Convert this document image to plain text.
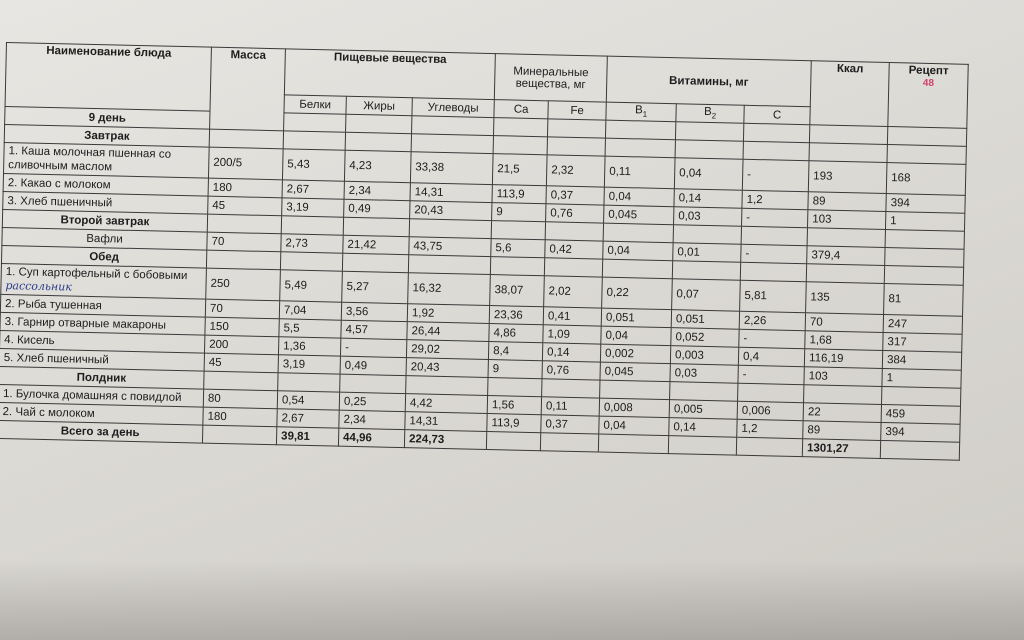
Наименование блюда	Масса	Пищевые вещества			Минеральные вещества, мг		Витамины, мг			Ккал	Рецепт
48
		Белки	Жиры	Углеводы	Ca	Fe	$B_1$	$B_2$	C		
9 день											
Завтрак											
1. Каша молочная пшенная со сливочным маслом	200/5	5,43	4,23	33,38	21,5	2,32	0,11	0,04	-	193	168
2. Какао с молоком	180	2,67	2,34	14,31	113,9	0,37	0,04	0,14	1,2	89	394
3. Хлеб пшеничный	45	3,19	0,49	20,43	9	0,76	0,045	0,03	-	103	1
Второй завтрак											
Вафли	70	2,73	21,42	43,75	5,6	0,42	0,04	0,01	-	379,4	
Обед											
1. Суп картофельный с бобовыми рассольник	250	5,49	5,27	16,32	38,07	2,02	0,22	0,07	5,81	135	81
2. Рыба тушенная	70	7,04	3,56	1,92	23,36	0,41	0,051	0,051	2,26	70	247
3. Гарнир отварные макароны	150	5,5	4,57	26,44	4,86	1,09	0,04	0,052	-	1,68	317
4. Кисель	200	1,36	-	29,02	8,4	0,14	0,002	0,003	0,4	116,19	384
5. Хлеб пшеничный	45	3,19	0,49	20,43	9	0,76	0,045	0,03	-	103	1
Полдник											
1. Булочка домашняя с повидлой	80	0,54	0,25	4,42	1,56	0,11	0,008	0,005	0,006	22	459
2. Чай с молоком	180	2,67	2,34	14,31	113,9	0,37	0,04	0,14	1,2	89	394
Всего за день		39,81	44,96	224,73						1301,27	
